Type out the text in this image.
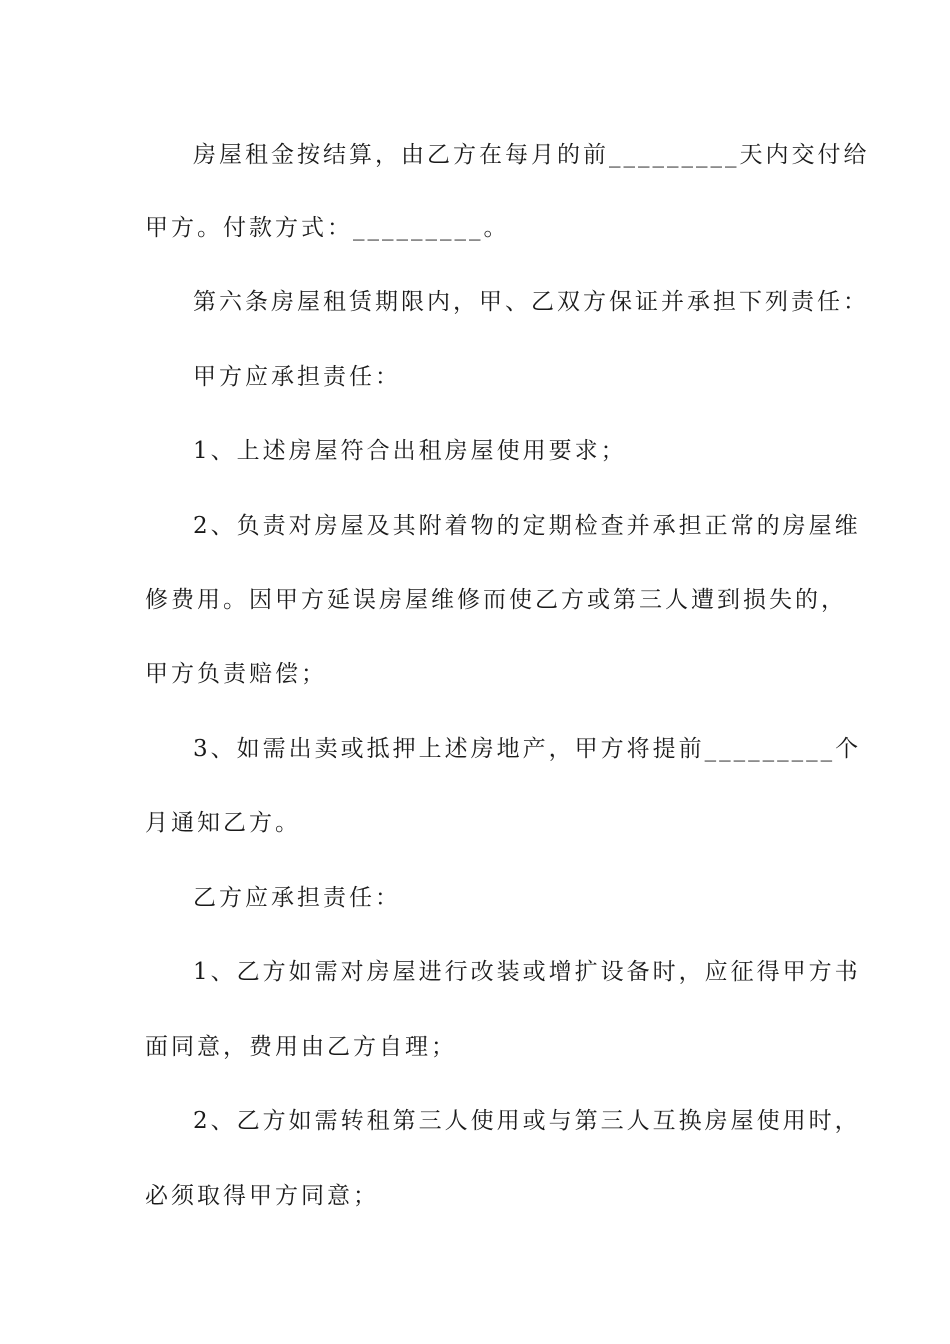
房屋租金按结算，由乙方在每月的前_________天内交付给
甲方。付款方式：_________。
第六条房屋租赁期限内，甲、乙双方保证并承担下列责任：
甲方应承担责任：
1、上述房屋符合出租房屋使用要求；
2、负责对房屋及其附着物的定期检查并承担正常的房屋维
修费用。因甲方延误房屋维修而使乙方或第三人遭到损失的，
甲方负责赔偿；
3、如需出卖或抵押上述房地产，甲方将提前_________个
月通知乙方。
乙方应承担责任：
1、乙方如需对房屋进行改装或增扩设备时，应征得甲方书
面同意，费用由乙方自理；
2、乙方如需转租第三人使用或与第三人互换房屋使用时，
必须取得甲方同意；
